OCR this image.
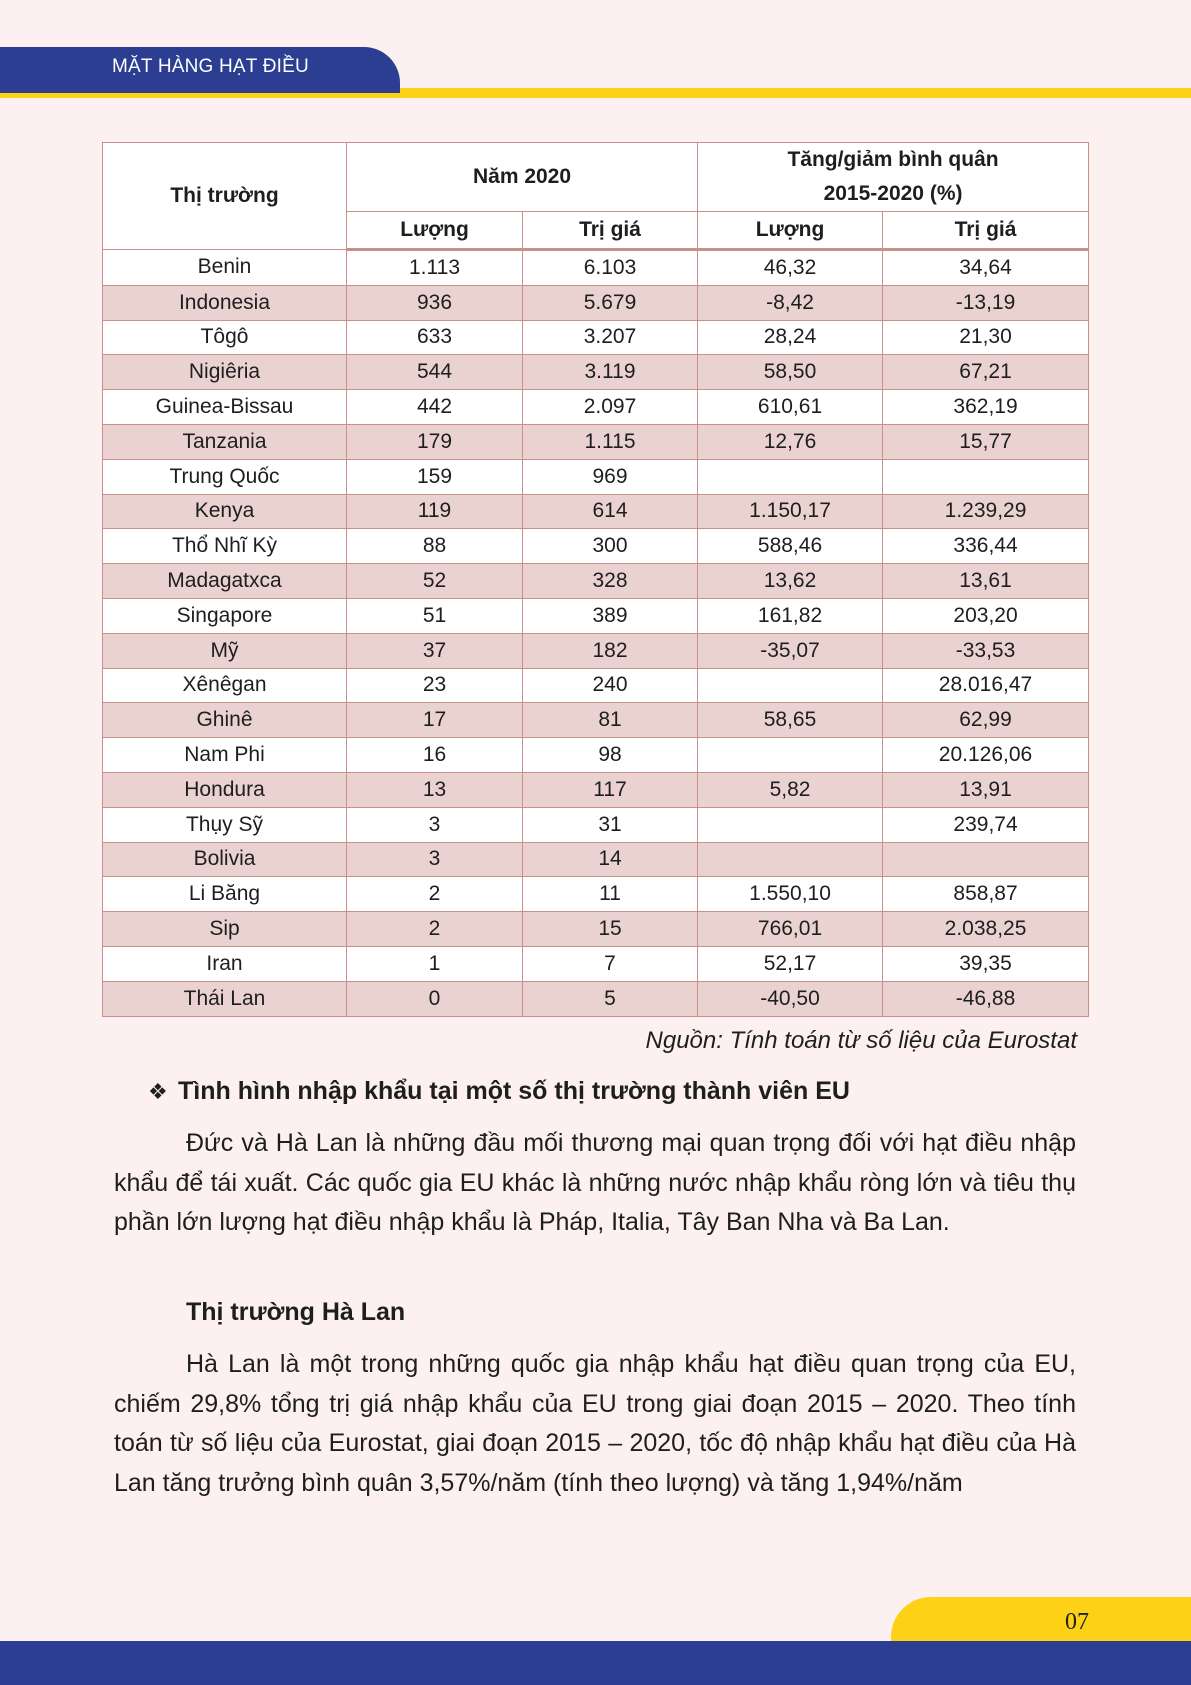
MẶT HÀNG HẠT ĐIỀU
Thị trường	Năm 2020		Tăng/giảm bình quân
2015-2020 (%)	
	Lượng	Trị giá	Lượng	Trị giá
Benin	1.113	6.103	46,32	34,64
Indonesia	936	5.679	-8,42	-13,19
Tôgô	633	3.207	28,24	21,30
Nigiêria	544	3.119	58,50	67,21
Guinea-Bissau	442	2.097	610,61	362,19
Tanzania	179	1.115	12,76	15,77
Trung Quốc	159	969		
Kenya	119	614	1.150,17	1.239,29
Thổ Nhĩ Kỳ	88	300	588,46	336,44
Madagatxca	52	328	13,62	13,61
Singapore	51	389	161,82	203,20
Mỹ	37	182	-35,07	-33,53
Xênêgan	23	240		28.016,47
Ghinê	17	81	58,65	62,99
Nam Phi	16	98		20.126,06
Hondura	13	117	5,82	13,91
Thụy Sỹ	3	31		239,74
Bolivia	3	14		
Li Băng	2	11	1.550,10	858,87
Sip	2	15	766,01	2.038,25
Iran	1	7	52,17	39,35
Thái Lan	0	5	-40,50	-46,88
Nguồn: Tính toán từ số liệu của Eurostat
❖ Tình hình nhập khẩu tại một số thị trường thành viên EU

Đức và Hà Lan là những đầu mối thương mại quan trọng đối với hạt điều nhập khẩu để tái xuất. Các quốc gia EU khác là những nước nhập khẩu ròng lớn và tiêu thụ phần lớn lượng hạt điều nhập khẩu là Pháp, Italia, Tây Ban Nha và Ba Lan.

Thị trường Hà Lan

Hà Lan là một trong những quốc gia nhập khẩu hạt điều quan trọng của EU, chiếm 29,8% tổng trị giá nhập khẩu của EU trong giai đoạn 2015 – 2020. Theo tính toán từ số liệu của Eurostat, giai đoạn 2015 – 2020, tốc độ nhập khẩu hạt điều của Hà Lan tăng trưởng bình quân 3,57%/năm (tính theo lượng) và tăng 1,94%/năm

07
